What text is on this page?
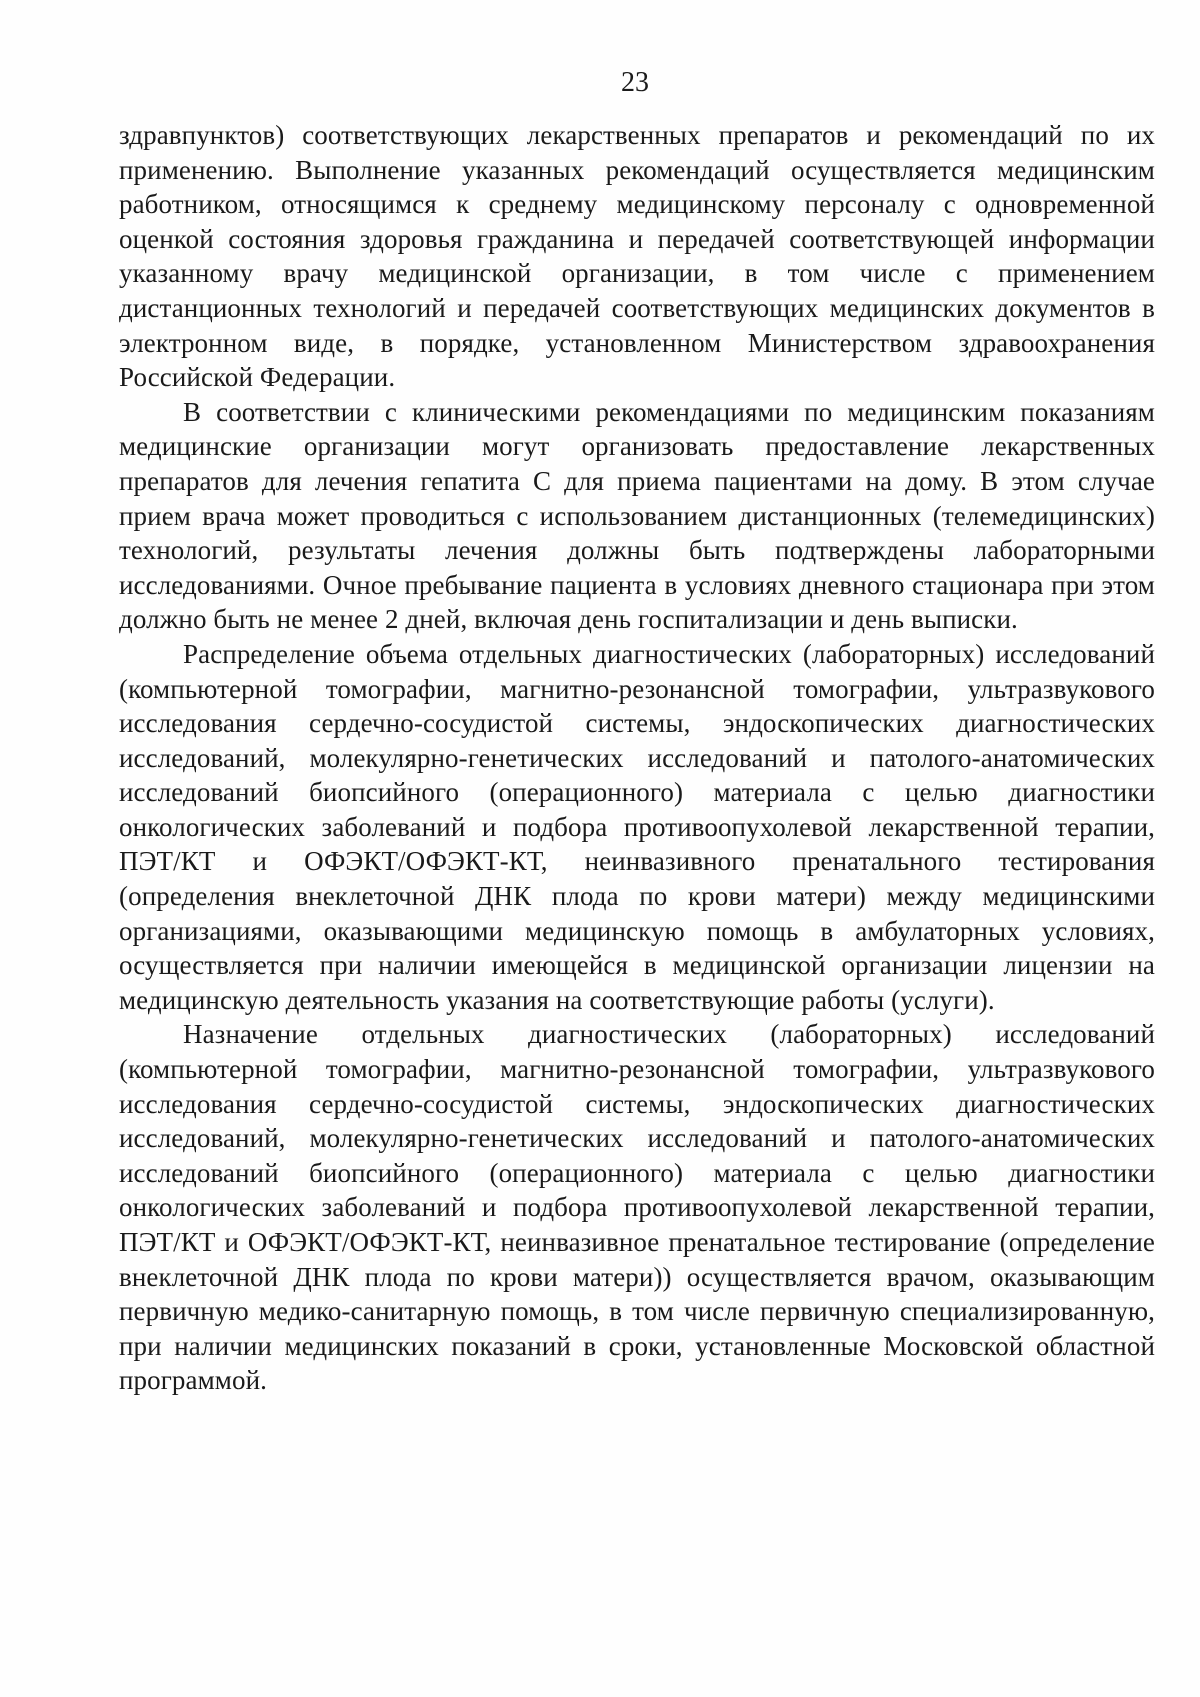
23

здравпунктов) соответствующих лекарственных препаратов и рекомендаций по их применению. Выполнение указанных рекомендаций осуществляется медицинским работником, относящимся к среднему медицинскому персоналу с одновременной оценкой состояния здоровья гражданина и передачей соответствующей информации указанному врачу медицинской организации, в том числе с применением дистанционных технологий и передачей соответствующих медицинских документов в электронном виде, в порядке, установленном Министерством здравоохранения Российской Федерации.

В соответствии с клиническими рекомендациями по медицинским показаниям медицинские организации могут организовать предоставление лекарственных препаратов для лечения гепатита С для приема пациентами на дому. В этом случае прием врача может проводиться с использованием дистанционных (телемедицинских) технологий, результаты лечения должны быть подтверждены лабораторными исследованиями. Очное пребывание пациента в условиях дневного стационара при этом должно быть не менее 2 дней, включая день госпитализации и день выписки.

Распределение объема отдельных диагностических (лабораторных) исследований (компьютерной томографии, магнитно-резонансной томографии, ультразвукового исследования сердечно-сосудистой системы, эндоскопических диагностических исследований, молекулярно-генетических исследований и патолого-анатомических исследований биопсийного (операционного) материала с целью диагностики онкологических заболеваний и подбора противоопухолевой лекарственной терапии, ПЭТ/КТ и ОФЭКТ/ОФЭКТ-КТ, неинвазивного пренатального тестирования (определения внеклеточной ДНК плода по крови матери) между медицинскими организациями, оказывающими медицинскую помощь в амбулаторных условиях, осуществляется при наличии имеющейся в медицинской организации лицензии на медицинскую деятельность указания на соответствующие работы (услуги).

Назначение отдельных диагностических (лабораторных) исследований (компьютерной томографии, магнитно-резонансной томографии, ультразвукового исследования сердечно-сосудистой системы, эндоскопических диагностических исследований, молекулярно-генетических исследований и патолого-анатомических исследований биопсийного (операционного) материала с целью диагностики онкологических заболеваний и подбора противоопухолевой лекарственной терапии, ПЭТ/КТ и ОФЭКТ/ОФЭКТ-КТ, неинвазивное пренатальное тестирование (определение внеклеточной ДНК плода по крови матери)) осуществляется врачом, оказывающим первичную медико-санитарную помощь, в том числе первичную специализированную, при наличии медицинских показаний в сроки, установленные Московской областной программой.
